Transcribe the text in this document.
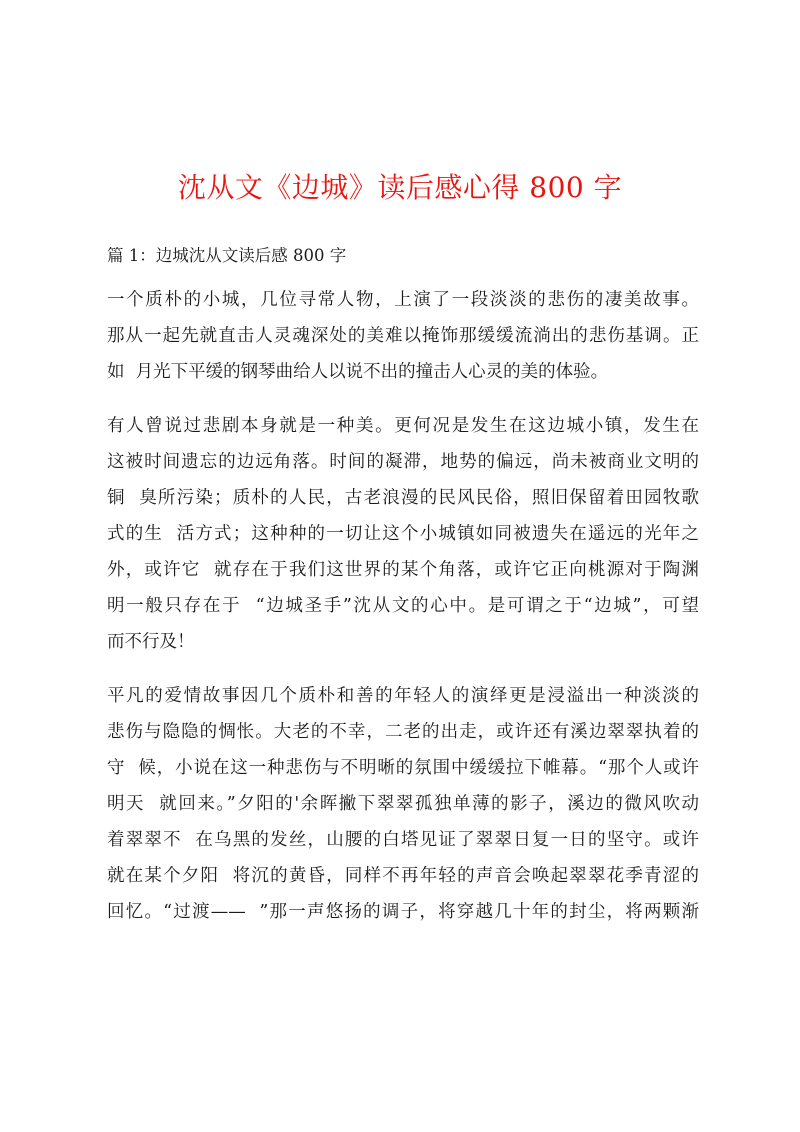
沈从文《边城》读后感心得 800 字
篇 1：边城沈从文读后感 800 字
一个质朴的小城，几位寻常人物，上演了一段淡淡的悲伤的凄美故事。
那从一起先就直击人灵魂深处的美难以掩饰那缓缓流淌出的悲伤基调。正
如  月光下平缓的钢琴曲给人以说不出的撞击人心灵的美的体验。
有人曾说过悲剧本身就是一种美。更何况是发生在这边城小镇，发生在
这被时间遗忘的边远角落。时间的凝滞，地势的偏远，尚未被商业文明的
铜  臭所污染；质朴的人民，古老浪漫的民风民俗，照旧保留着田园牧歌
式的生  活方式；这种种的一切让这个小城镇如同被遗失在遥远的光年之
外，或许它  就存在于我们这世界的某个角落，或许它正向桃源对于陶渊
明一般只存在于  “边城圣手”沈从文的心中。是可谓之于“边城”，可望
而不行及！
平凡的爱情故事因几个质朴和善的年轻人的演绎更是浸溢出一种淡淡的
悲伤与隐隐的惆怅。大老的不幸，二老的出走，或许还有溪边翠翠执着的
守  候，小说在这一种悲伤与不明晰的氛围中缓缓拉下帷幕。“那个人或许
明天  就回来。”夕阳的'余晖撇下翠翠孤独单薄的影子，溪边的微风吹动
着翠翠不  在乌黑的发丝，山腰的白塔见证了翠翠日复一日的坚守。或许
就在某个夕阳  将沉的黄昏，同样不再年轻的声音会唤起翠翠花季青涩的
回忆。“过渡——  ”那一声悠扬的调子，将穿越几十年的封尘，将两颗渐
